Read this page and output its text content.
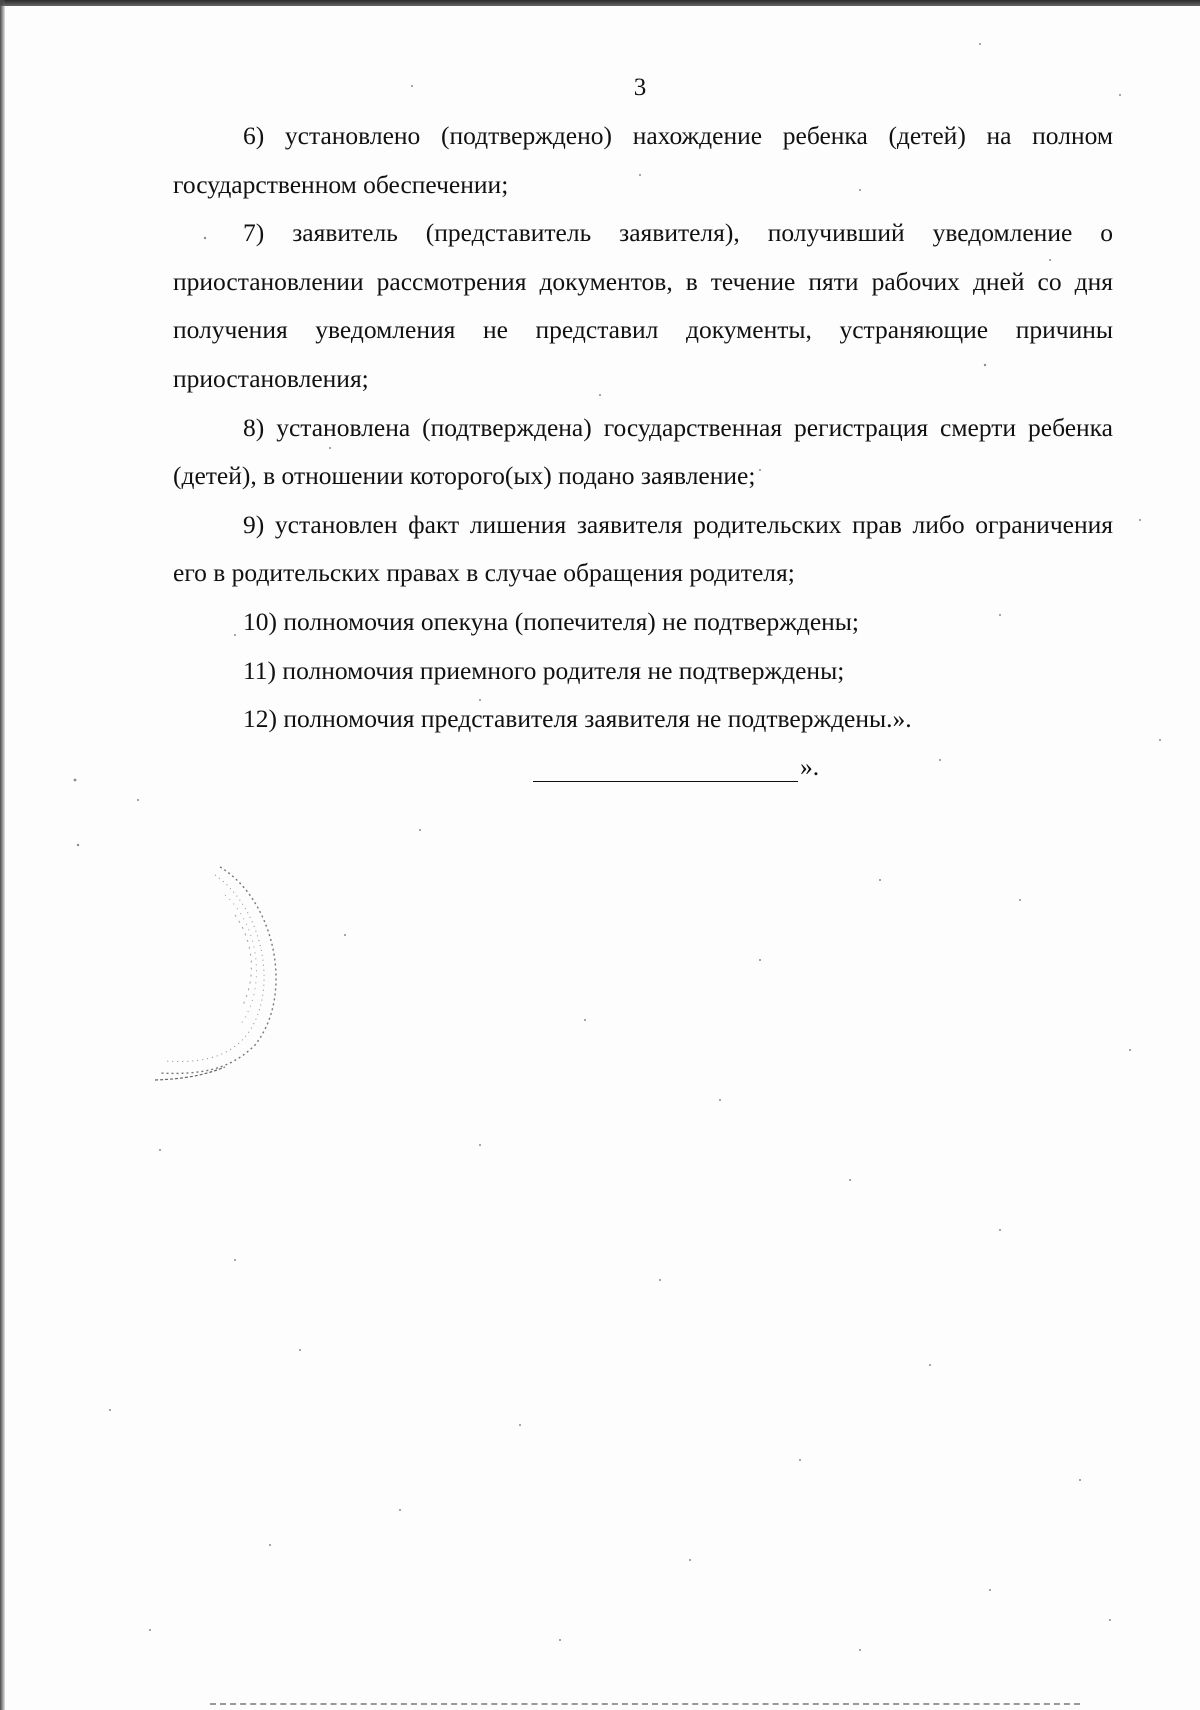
3

6) установлено (подтверждено) нахождение ребенка (детей) на полном государственном обеспечении;

7) заявитель (представитель заявителя), получивший уведомление о приостановлении рассмотрения документов, в течение пяти рабочих дней со дня получения уведомления не представил документы, устраняющие причины приостановления;

8) установлена (подтверждена) государственная регистрация смерти ребенка (детей), в отношении которого(ых) подано заявление;

9) установлен факт лишения заявителя родительских прав либо ограничения его в родительских правах в случае обращения родителя;

10) полномочия опекуна (попечителя) не подтверждены;

11) полномочия приемного родителя не подтверждены;

12) полномочия представителя заявителя не подтверждены.».

».
